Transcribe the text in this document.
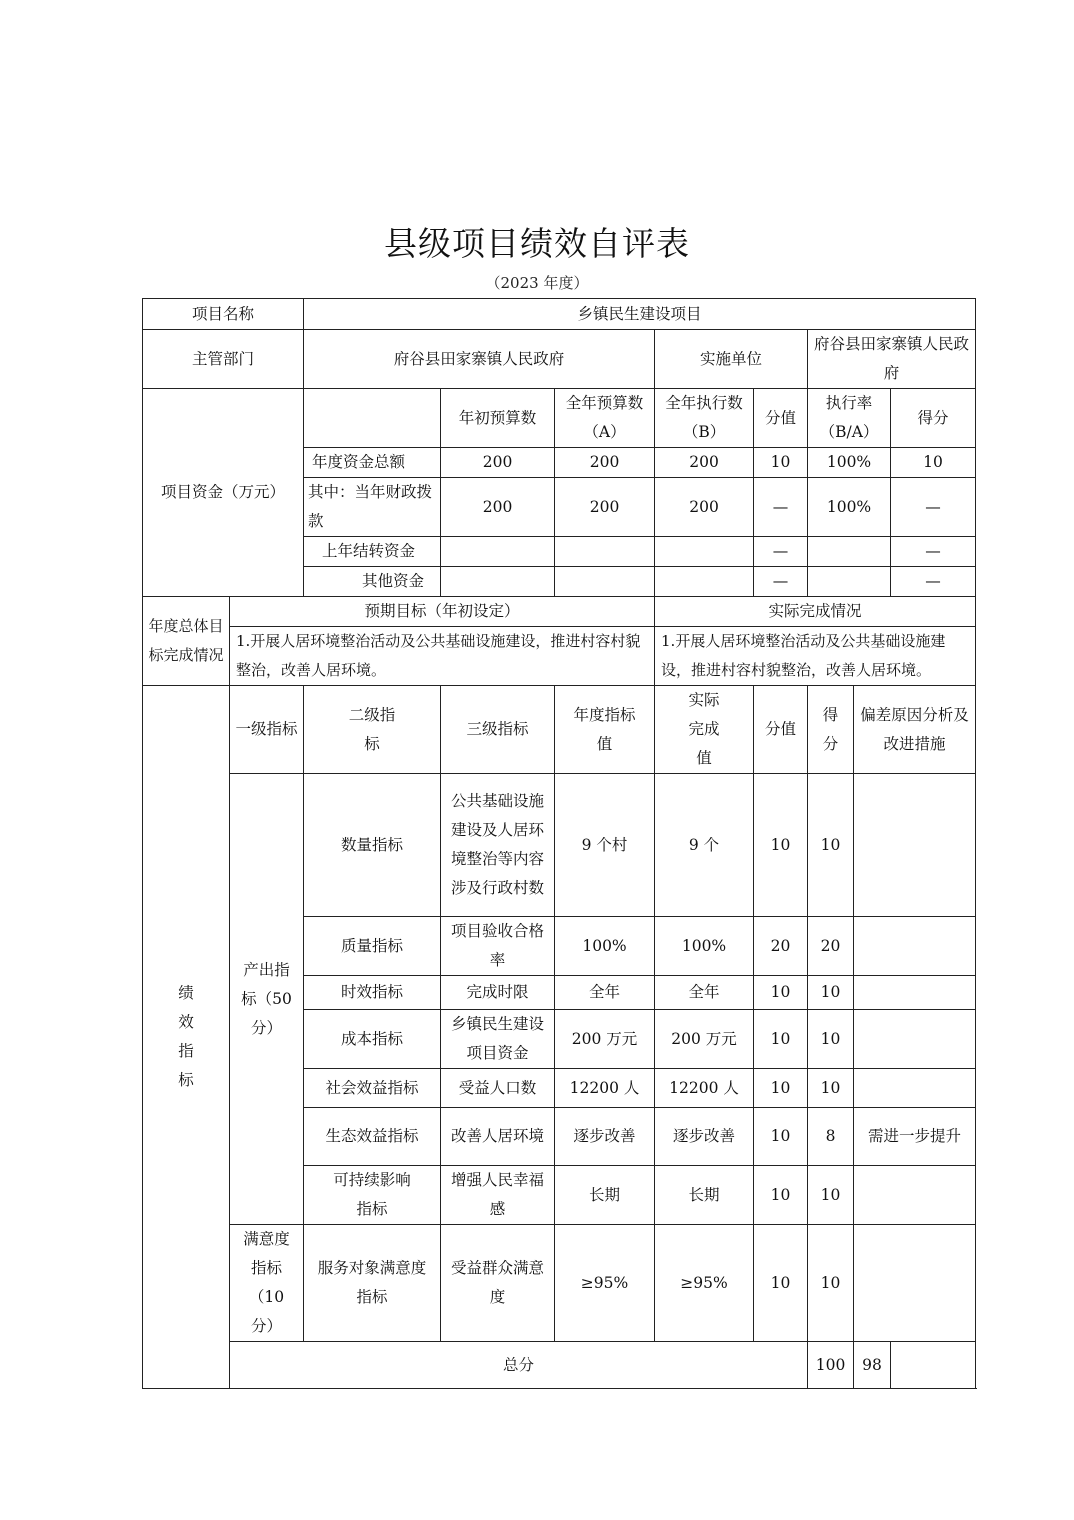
县级项目绩效自评表
（2023 年度）
项目名称		乡镇民生建设项目							
主管部门		府谷县田家寨镇人民政府			实施单位		府谷县田家寨镇人民政府		
项目资金（万元）			年初预算数	全年预算数（A）	全年执行数（B）	分值	执行率（B/A）		得分
		年度资金总额	200	200	200	10	100%		10
		其中：当年财政拨款	200	200	200	—	100%		—
		上年结转资金				—			—
		其他资金				—			—
年度总体目标完成情况	预期目标（年初设定）				实际完成情况				
	1.开展人居环境整治活动及公共基础设施建设，推进村容村貌整治，改善人居环境。				1.开展人居环境整治活动及公共基础设施建设，推进村容村貌整治，改善人居环境。				
绩效指标	一级指标	二级指标	三级指标	年度指标值	实际完成值	分值	得分	偏差原因分析及改进措施	
	产出指标（50分）	数量指标	公共基础设施建设及人居环境整治等内容涉及行政村数	9 个村	9 个	10	10		
		质量指标	项目验收合格率	100%	100%	20	20		
		时效指标	完成时限	全年	全年	10	10		
		成本指标	乡镇民生建设项目资金	200 万元	200 万元	10	10		
		社会效益指标	受益人口数	12200 人	12200 人	10	10		
		生态效益指标	改善人居环境	逐步改善	逐步改善	10	8	需进一步提升	
		可持续影响指标	增强人民幸福感	长期	长期	10	10		
	满意度指标（10分）	服务对象满意度指标	受益群众满意度	≥95%	≥95%	10	10		
	总分						100	98	
